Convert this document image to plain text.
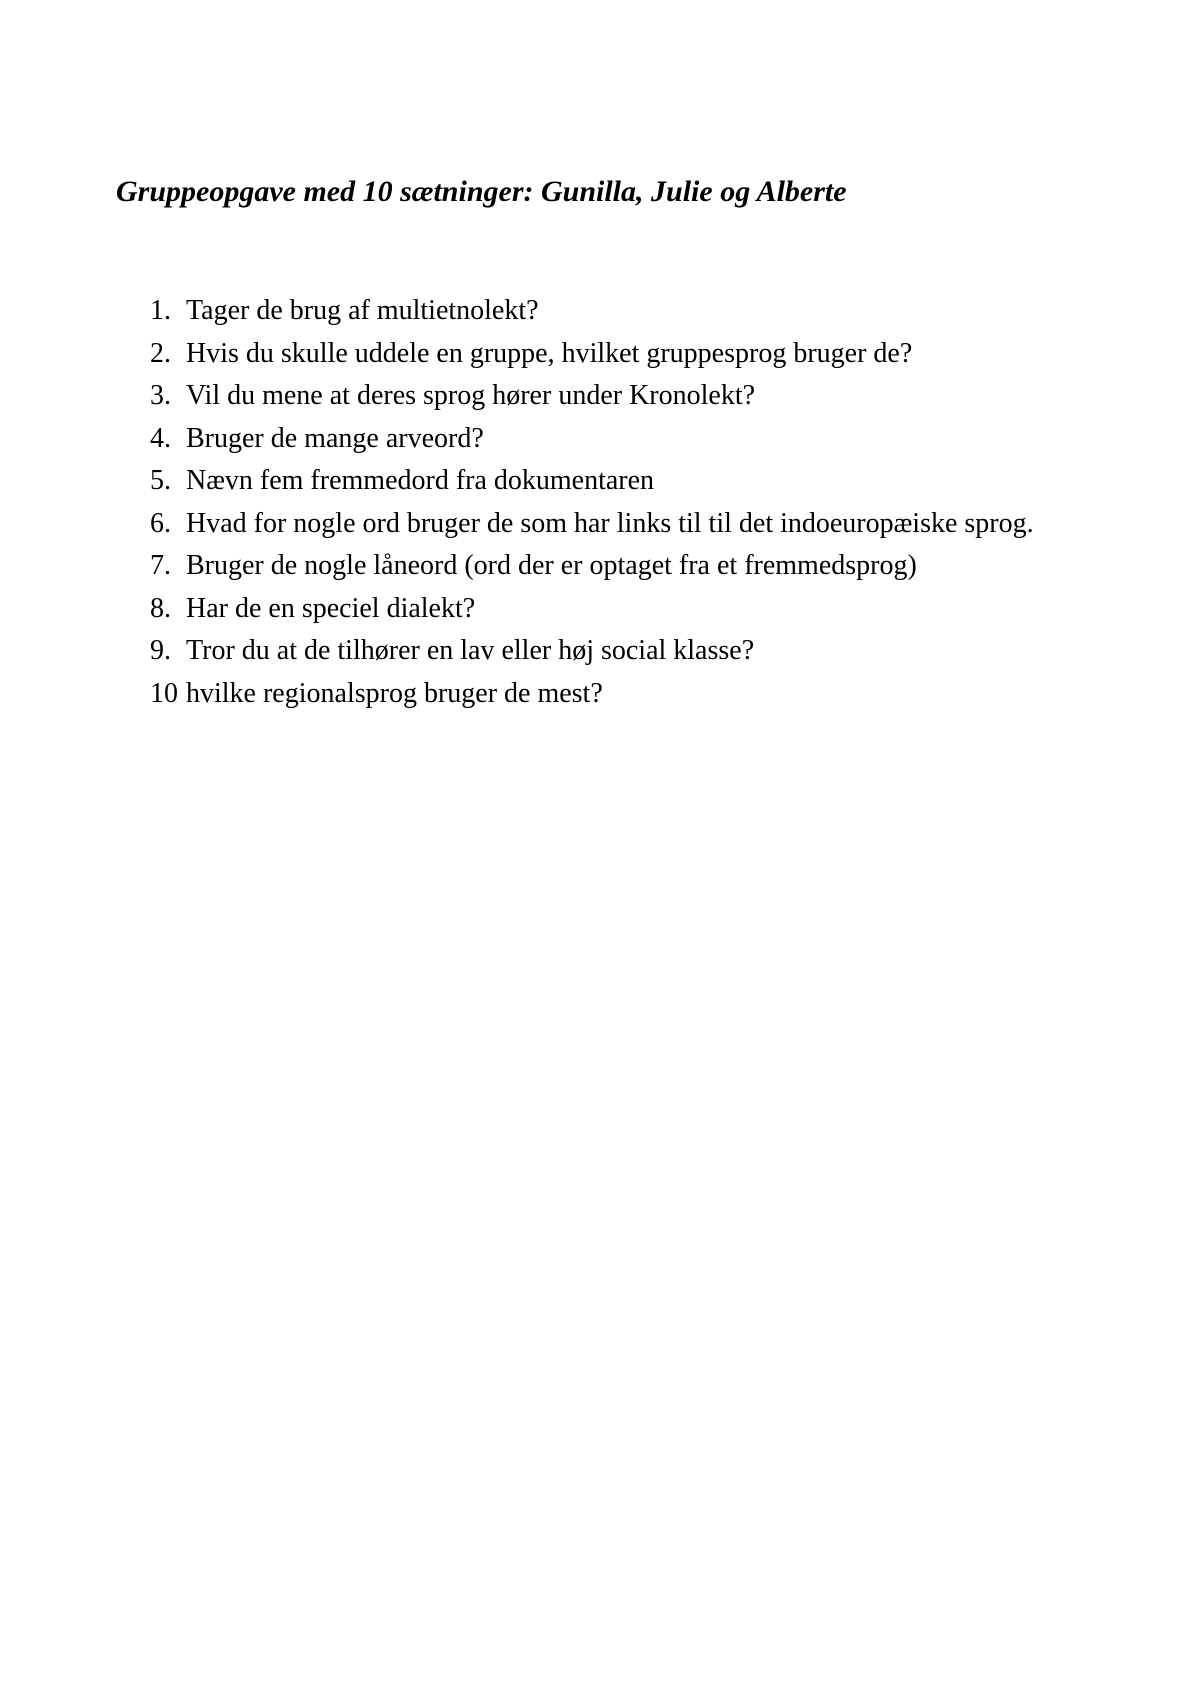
Gruppeopgave med 10 sætninger: Gunilla, Julie og Alberte
1. Tager de brug af multietnolekt?
2. Hvis du skulle uddele en gruppe, hvilket gruppesprog bruger de?
3. Vil du mene at deres sprog hører under Kronolekt?
4. Bruger de mange arveord?
5. Nævn fem fremmedord fra dokumentaren
6. Hvad for nogle ord bruger de som har links til til det indoeuropæiske sprog.
7. Bruger de nogle låneord (ord der er optaget fra et fremmedsprog)
8. Har de en speciel dialekt?
9. Tror du at de tilhører en lav eller høj social klasse?
10 hvilke regionalsprog bruger de mest?
